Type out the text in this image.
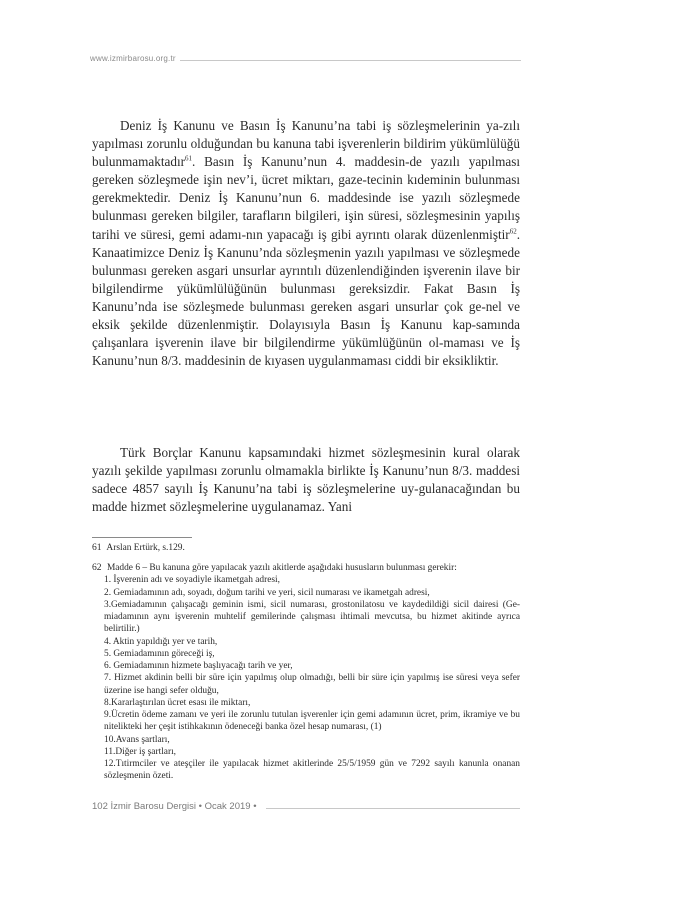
www.izmirbarosu.org.tr

Deniz İş Kanunu ve Basın İş Kanunu’na tabi iş sözleşmelerinin ya-zılı yapılması zorunlu olduğundan bu kanuna tabi işverenlerin bildirim yükümlülüğü bulunmamaktadır$^{61}$. Basın İş Kanunu’nun 4. maddesin-de yazılı yapılması gereken sözleşmede işin nev’i, ücret miktarı, gaze-tecinin kıdeminin bulunması gerekmektedir. Deniz İş Kanunu’nun 6. maddesinde ise yazılı sözleşmede bulunması gereken bilgiler, tarafların bilgileri, işin süresi, sözleşmesinin yapılış tarihi ve süresi, gemi adamı-nın yapacağı iş gibi ayrıntı olarak düzenlenmiştir$^{62}$. Kanaatimizce Deniz İş Kanunu’nda sözleşmenin yazılı yapılması ve sözleşmede bulunması gereken asgari unsurlar ayrıntılı düzenlendiğinden işverenin ilave bir bilgilendirme yükümlülüğünün bulunması gereksizdir. Fakat Basın İş Kanunu’nda ise sözleşmede bulunması gereken asgari unsurlar çok ge-nel ve eksik şekilde düzenlenmiştir. Dolayısıyla Basın İş Kanunu kap-samında çalışanlara işverenin ilave bir bilgilendirme yükümlüğünün ol-maması ve İş Kanunu’nun 8/3. maddesinin de kıyasen uygulanmaması ciddi bir eksikliktir.

Türk Borçlar Kanunu kapsamındaki hizmet sözleşmesinin kural olarak yazılı şekilde yapılması zorunlu olmamakla birlikte İş Kanunu’nun 8/3. maddesi sadece 4857 sayılı İş Kanunu’na tabi iş sözleşmelerine uy-gulanacağından bu madde hizmet sözleşmelerine uygulanamaz. Yani

61 Arslan Ertürk, s.129.
62 Madde 6 – Bu kanuna göre yapılacak yazılı akitlerde aşağıdaki hususların bulunması gerekir:
1. İşverenin adı ve soyadiyle ikametgah adresi,
2. Gemiadamının adı, soyadı, doğum tarihi ve yeri, sicil numarası ve ikametgah adresi,
3.Gemiadamının çalışacağı geminin ismi, sicil numarası, grostonilatosu ve kaydedildiği sicil dairesi (Ge-miadamının aynı işverenin muhtelif gemilerinde çalışması ihtimali mevcutsa, bu hizmet akitinde ayrıca belirtilir.)
4. Aktin yapıldığı yer ve tarih,
5. Gemiadamının göreceği iş,
6. Gemiadamının hizmete başlıyacağı tarih ve yer,
7. Hizmet akdinin belli bir süre için yapılmış olup olmadığı, belli bir süre için yapılmış ise süresi veya sefer üzerine ise hangi sefer olduğu,
8.Kararlaştırılan ücret esası ile miktarı,
9.Ücretin ödeme zamanı ve yeri ile zorunlu tutulan işverenler için gemi adamının ücret, prim, ikramiye ve bu nitelikteki her çeşit istihkakının ödeneceği banka özel hesap numarası, (1)
10.Avans şartları,
11.Diğer iş şartları,
12.Tıtirmciler ve ateşçiler ile yapılacak hizmet akitlerinde 25/5/1959 gün ve 7292 sayılı kanunla onanan sözleşmenin özeti.
102 İzmir Barosu Dergisi • Ocak 2019 •
